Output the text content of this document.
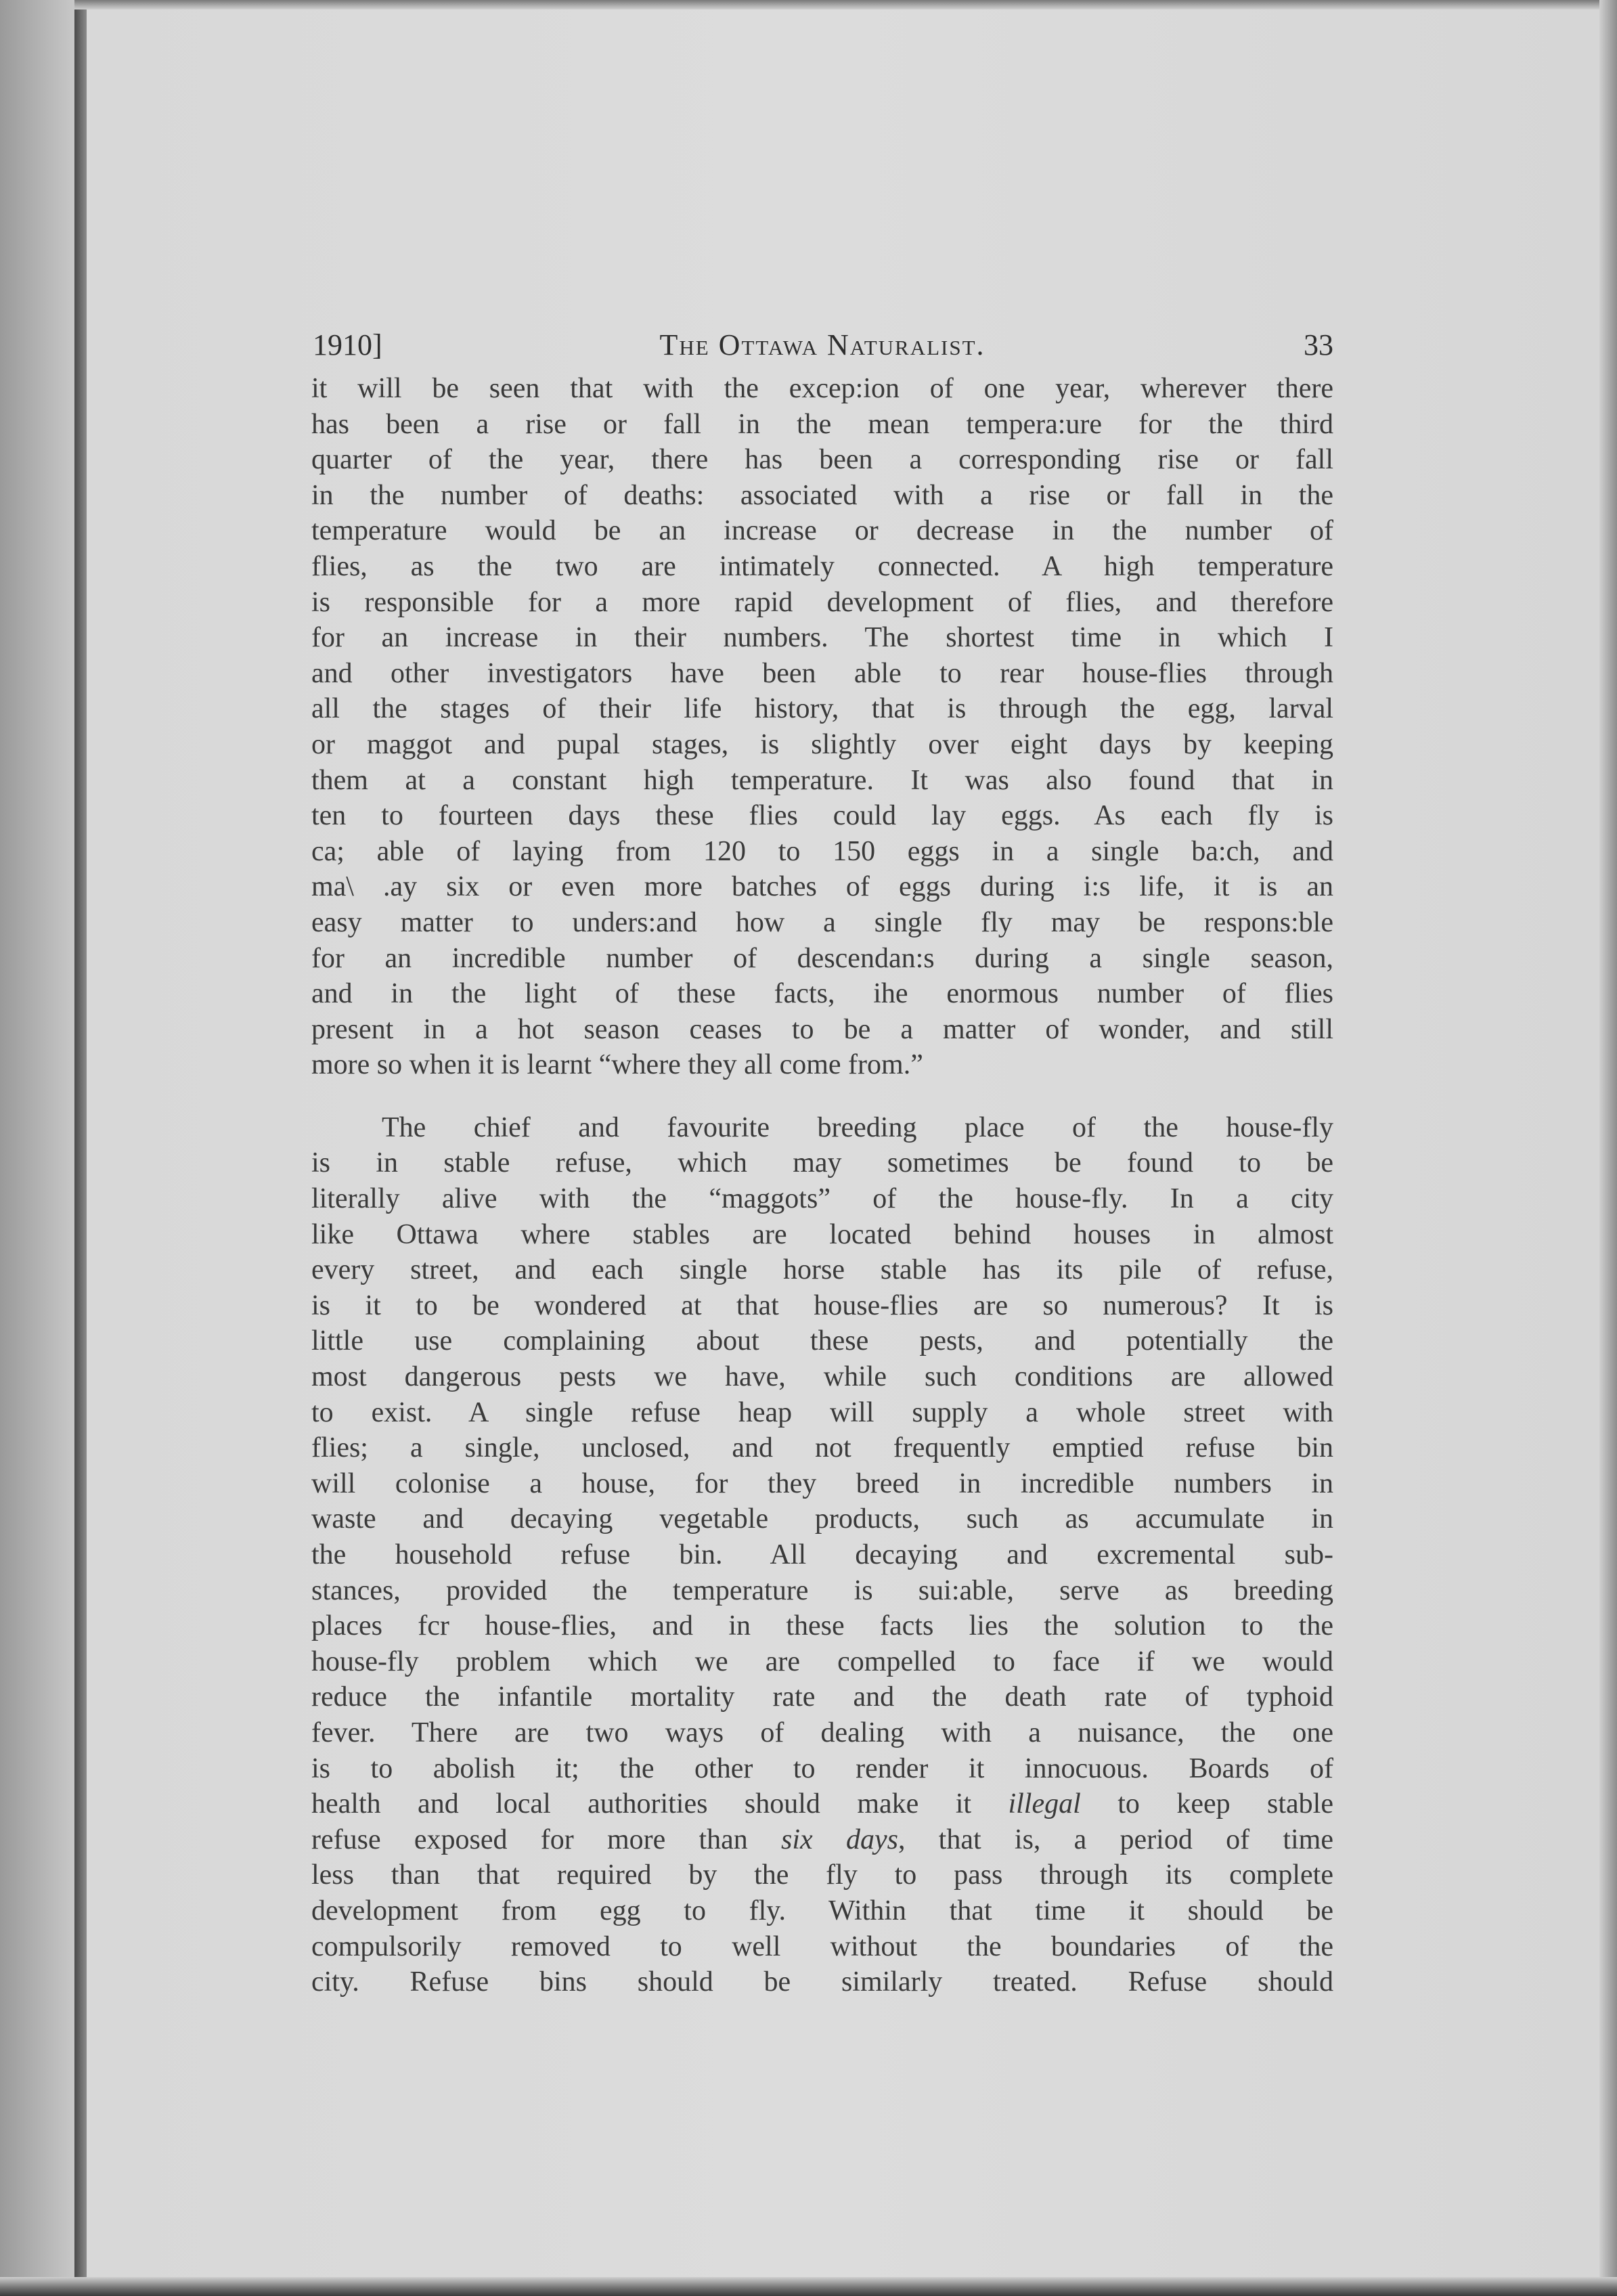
1910]	The Ottawa Naturalist.	33
it will be seen that with the excep:ion of one year, wherever there
has been a rise or fall in the mean tempera:ure for the third
quarter of the year, there has been a corresponding rise or fall
in the number of deaths: associated with a rise or fall in the
temperature would be an increase or decrease in the number of
flies, as the two are intimately connected. A high temperature
is responsible for a more rapid development of flies, and therefore
for an increase in their numbers. The shortest time in which I
and other investigators have been able to rear house-flies through
all the stages of their life history, that is through the egg, larval
or maggot and pupal stages, is slightly over eight days by keeping
them at a constant high temperature. It was also found that in
ten to fourteen days these flies could lay eggs. As each fly is
ca; able of laying from 120 to 150 eggs in a single ba:ch, and
ma\ .ay six or even more batches of eggs during i:s life, it is an
easy matter to unders:and how a single fly may be respons:ble
for an incredible number of descendan:s during a single season,
and in the light of these facts, ihe enormous number of flies
present in a hot season ceases to be a matter of wonder, and still
more so when it is learnt “where they all come from.”
The chief and favourite breeding place of the house-fly
is in stable refuse, which may sometimes be found to be
literally alive with the “maggots” of the house-fly. In a city
like Ottawa where stables are located behind houses in almost
every street, and each single horse stable has its pile of refuse,
is it to be wondered at that house-flies are so numerous? It is
little use complaining about these pests, and potentially the
most dangerous pests we have, while such conditions are allowed
to exist. A single refuse heap will supply a whole street with
flies; a single, unclosed, and not frequently emptied refuse bin
will colonise a house, for they breed in incredible numbers in
waste and decaying vegetable products, such as accumulate in
the household refuse bin. All decaying and excremental sub-
stances, provided the temperature is sui:able, serve as breeding
places fcr house-flies, and in these facts lies the solution to the
house-fly problem which we are compelled to face if we would
reduce the infantile mortality rate and the death rate of typhoid
fever. There are two ways of dealing with a nuisance, the one
is to abolish it; the other to render it innocuous. Boards of
health and local authorities should make it illegal to keep stable
refuse exposed for more than six days, that is, a period of time
less than that required by the fly to pass through its complete
development from egg to fly. Within that time it should be
compulsorily removed to well without the boundaries of the
city. Refuse bins should be similarly treated. Refuse should
